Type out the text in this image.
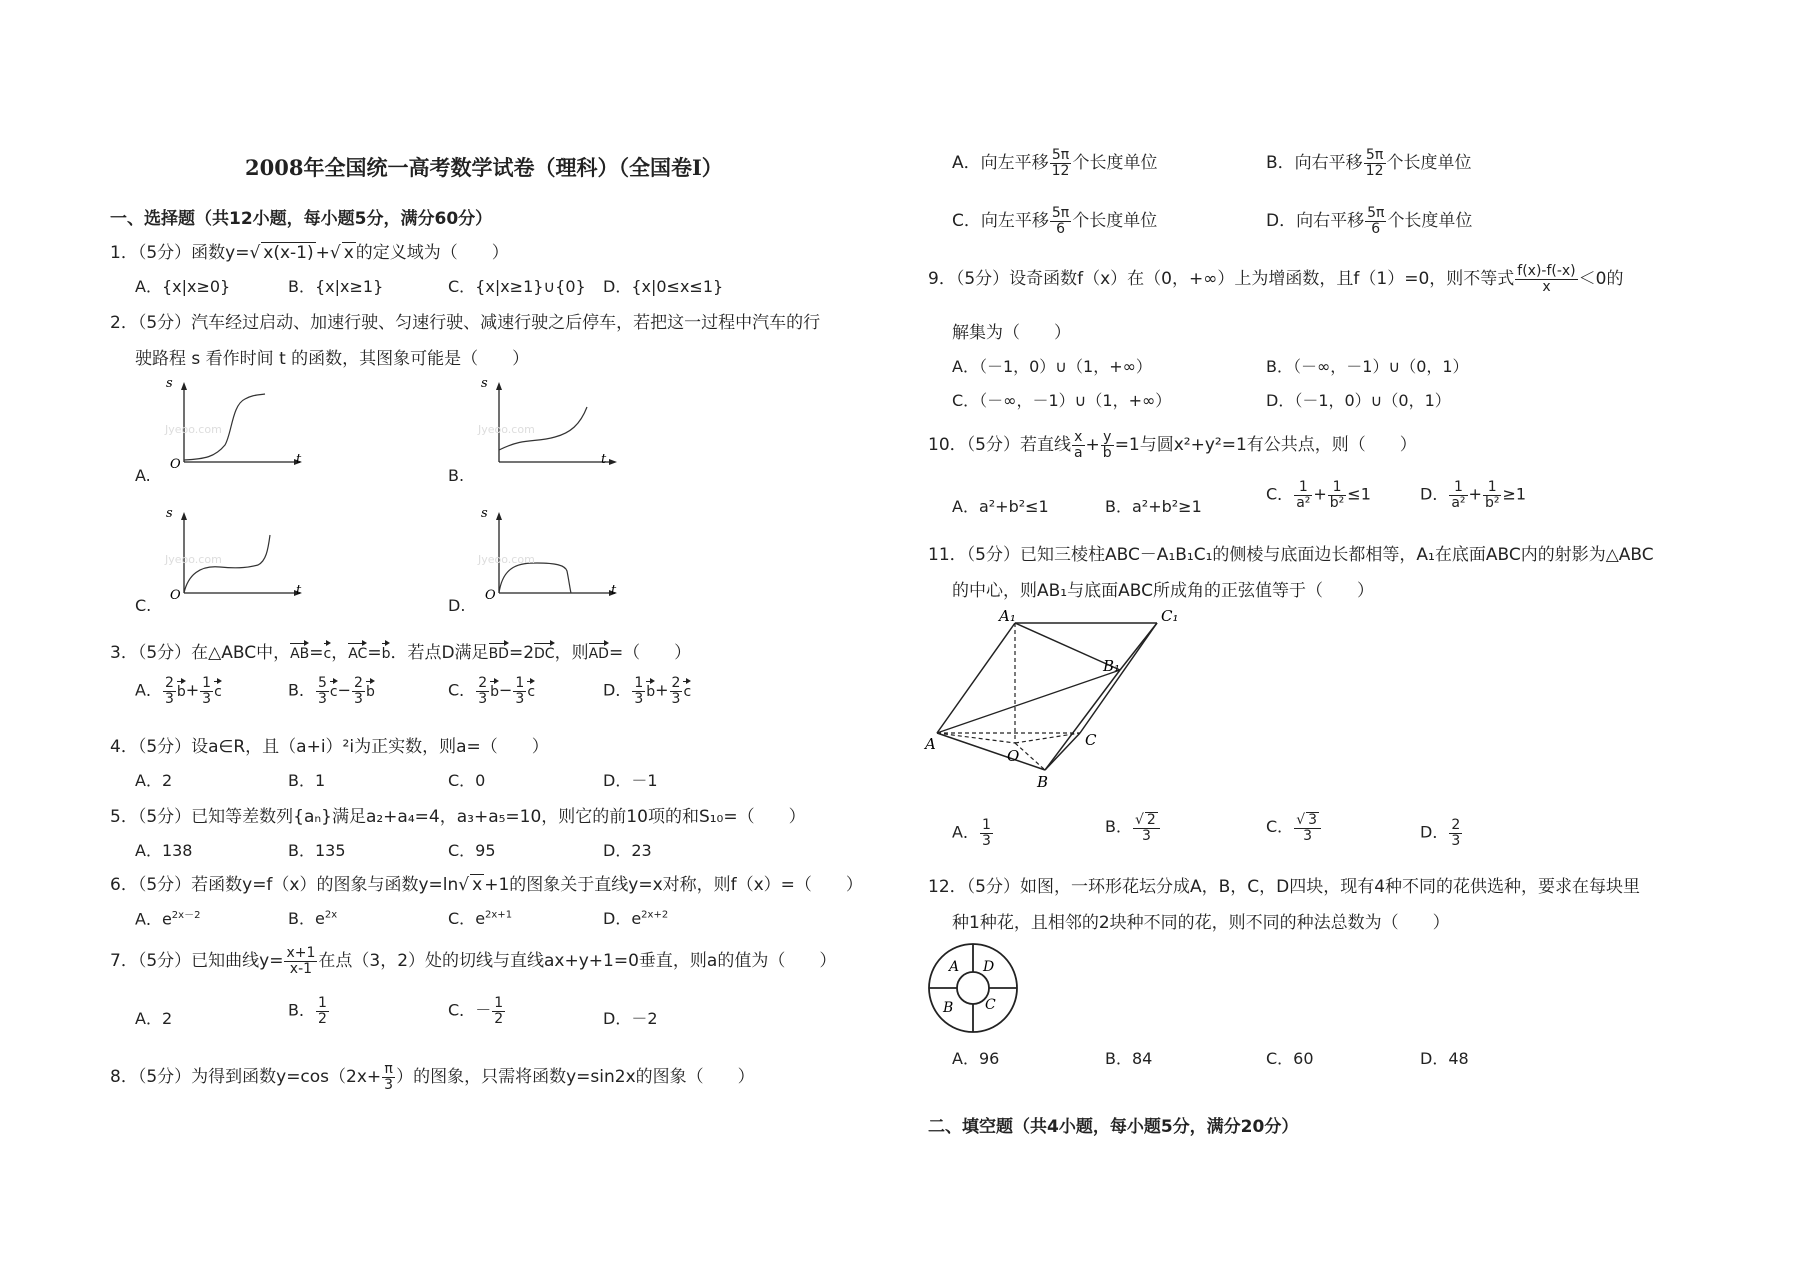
2008年全国统一高考数学试卷（理科）（全国卷I）
一、选择题（共12小题，每小题5分，满分60分）
1．（5分）函数y=√ x(x-1) +√ x 的定义域为（　　）
A．{x|x≥0}	B．{x|x≥1}	C．{x|x≥1}∪{0} D．{x|0≤x≤1}
2．（5分）汽车经过启动、加速行驶、匀速行驶、减速行驶之后停车，若把这一过程中汽车的行
驶路程 s 看作时间 t 的函数，其图象可能是（　　）
A.
s
O	t
Jyeoo.com
B.
s
t
Jyeoo.com
C.
s
O	t
Jyeoo.com
D.
s
O	t
Jyeoo.com
3．（5分）在△ABC中，AB=c，AC=b．若点D满足BD=2DC，则AD=（　　）
A． $\frac{2}{3} b+ \frac{1}{3}$ c	B． $\frac{5}{3} c- \frac{2}{3}$ b	C． $\frac{2}{3} b- \frac{1}{3}$ c	D． $\frac{1}{3} b+ \frac{2}{3}$ c
4．（5分）设a∈R，且（a+i）²i为正实数，则a=（　　）
A．2	B．1	C．0	D．－1
5．（5分）已知等差数列{aₙ}满足a₂+a₄=4，a₃+a₅=10，则它的前10项的和S₁₀=（　　）
A．138	B．135	C．95	D．23
6．（5分）若函数y=f（x）的图象与函数y=ln√ x +1的图象关于直线y=x对称，则f（x）=（　　）
A．$e^{2x-2}$	B．$e^{2x}$	C．$e^{2x+1}$	D．$e^{2x+2}$
7．（5分）已知曲线$y= \frac{x+1}{x-1}$ 在点（3，2）处的切线与直线ax+y+1=0垂直，则a的值为（　　）
A．2	B． $\frac{1}{2}$	C．－ $\frac{1}{2}$	D．－2
8．（5分）为得到函数$y=\cos(2x+ \frac{\pi}{3}$ ）的图象，只需将函数y=sin2x的图象（　　）
A．向左平移 $\frac{5\pi}{12}$ 个长度单位	B．向右平移 $\frac{5\pi}{12}$ 个长度单位
C．向左平移 $\frac{5\pi}{6}$ 个长度单位	D．向右平移 $\frac{5\pi}{6}$ 个长度单位
9．（5分）设奇函数f（x）在（0，+∞）上为增函数，且f（1）=0，则不等式 $\frac{f(x)-f(-x)}{x} <0$的
解集为（　　）
A．（－1，0）∪（1，+∞）	B．（－∞，－1）∪（0，1）
C．（－∞，－1）∪（1，+∞）	D．（－1，0）∪（0，1）
10．（5分）若直线 $\frac{x}{a} + \frac{y}{b} =1$与圆x²+y²=1有公共点，则（　　）
A．a²+b²≤1	B．a²+b²≥1
C． $\frac{1}{\text{a²}} + \frac{1}{\text{b²}} \le 1$	D． $\frac{1}{\text{a²}} + \frac{1}{\text{b²}} \ge 1$
11．（5分）已知三棱柱ABC－A₁B₁C₁的侧棱与底面边长都相等，A₁在底面ABC内的射影为△ABC
的中心，则AB₁与底面ABC所成角的正弦值等于（　　）
A₁	C₁
B₁
A
O
C
B
A． $\frac{1}{3}$	B． $\frac{√ 2}{3}$	C． $\frac{√ 3}{3}$	D． $\frac{2}{3}$
12．（5分）如图，一环形花坛分成A，B，C，D四块，现有4种不同的花供选种，要求在每块里
种1种花，且相邻的2块种不同的花，则不同的种法总数为（　　）
A D
B C
A．96	B．84	C．60	D．48
二、填空题（共4小题，每小题5分，满分20分）
